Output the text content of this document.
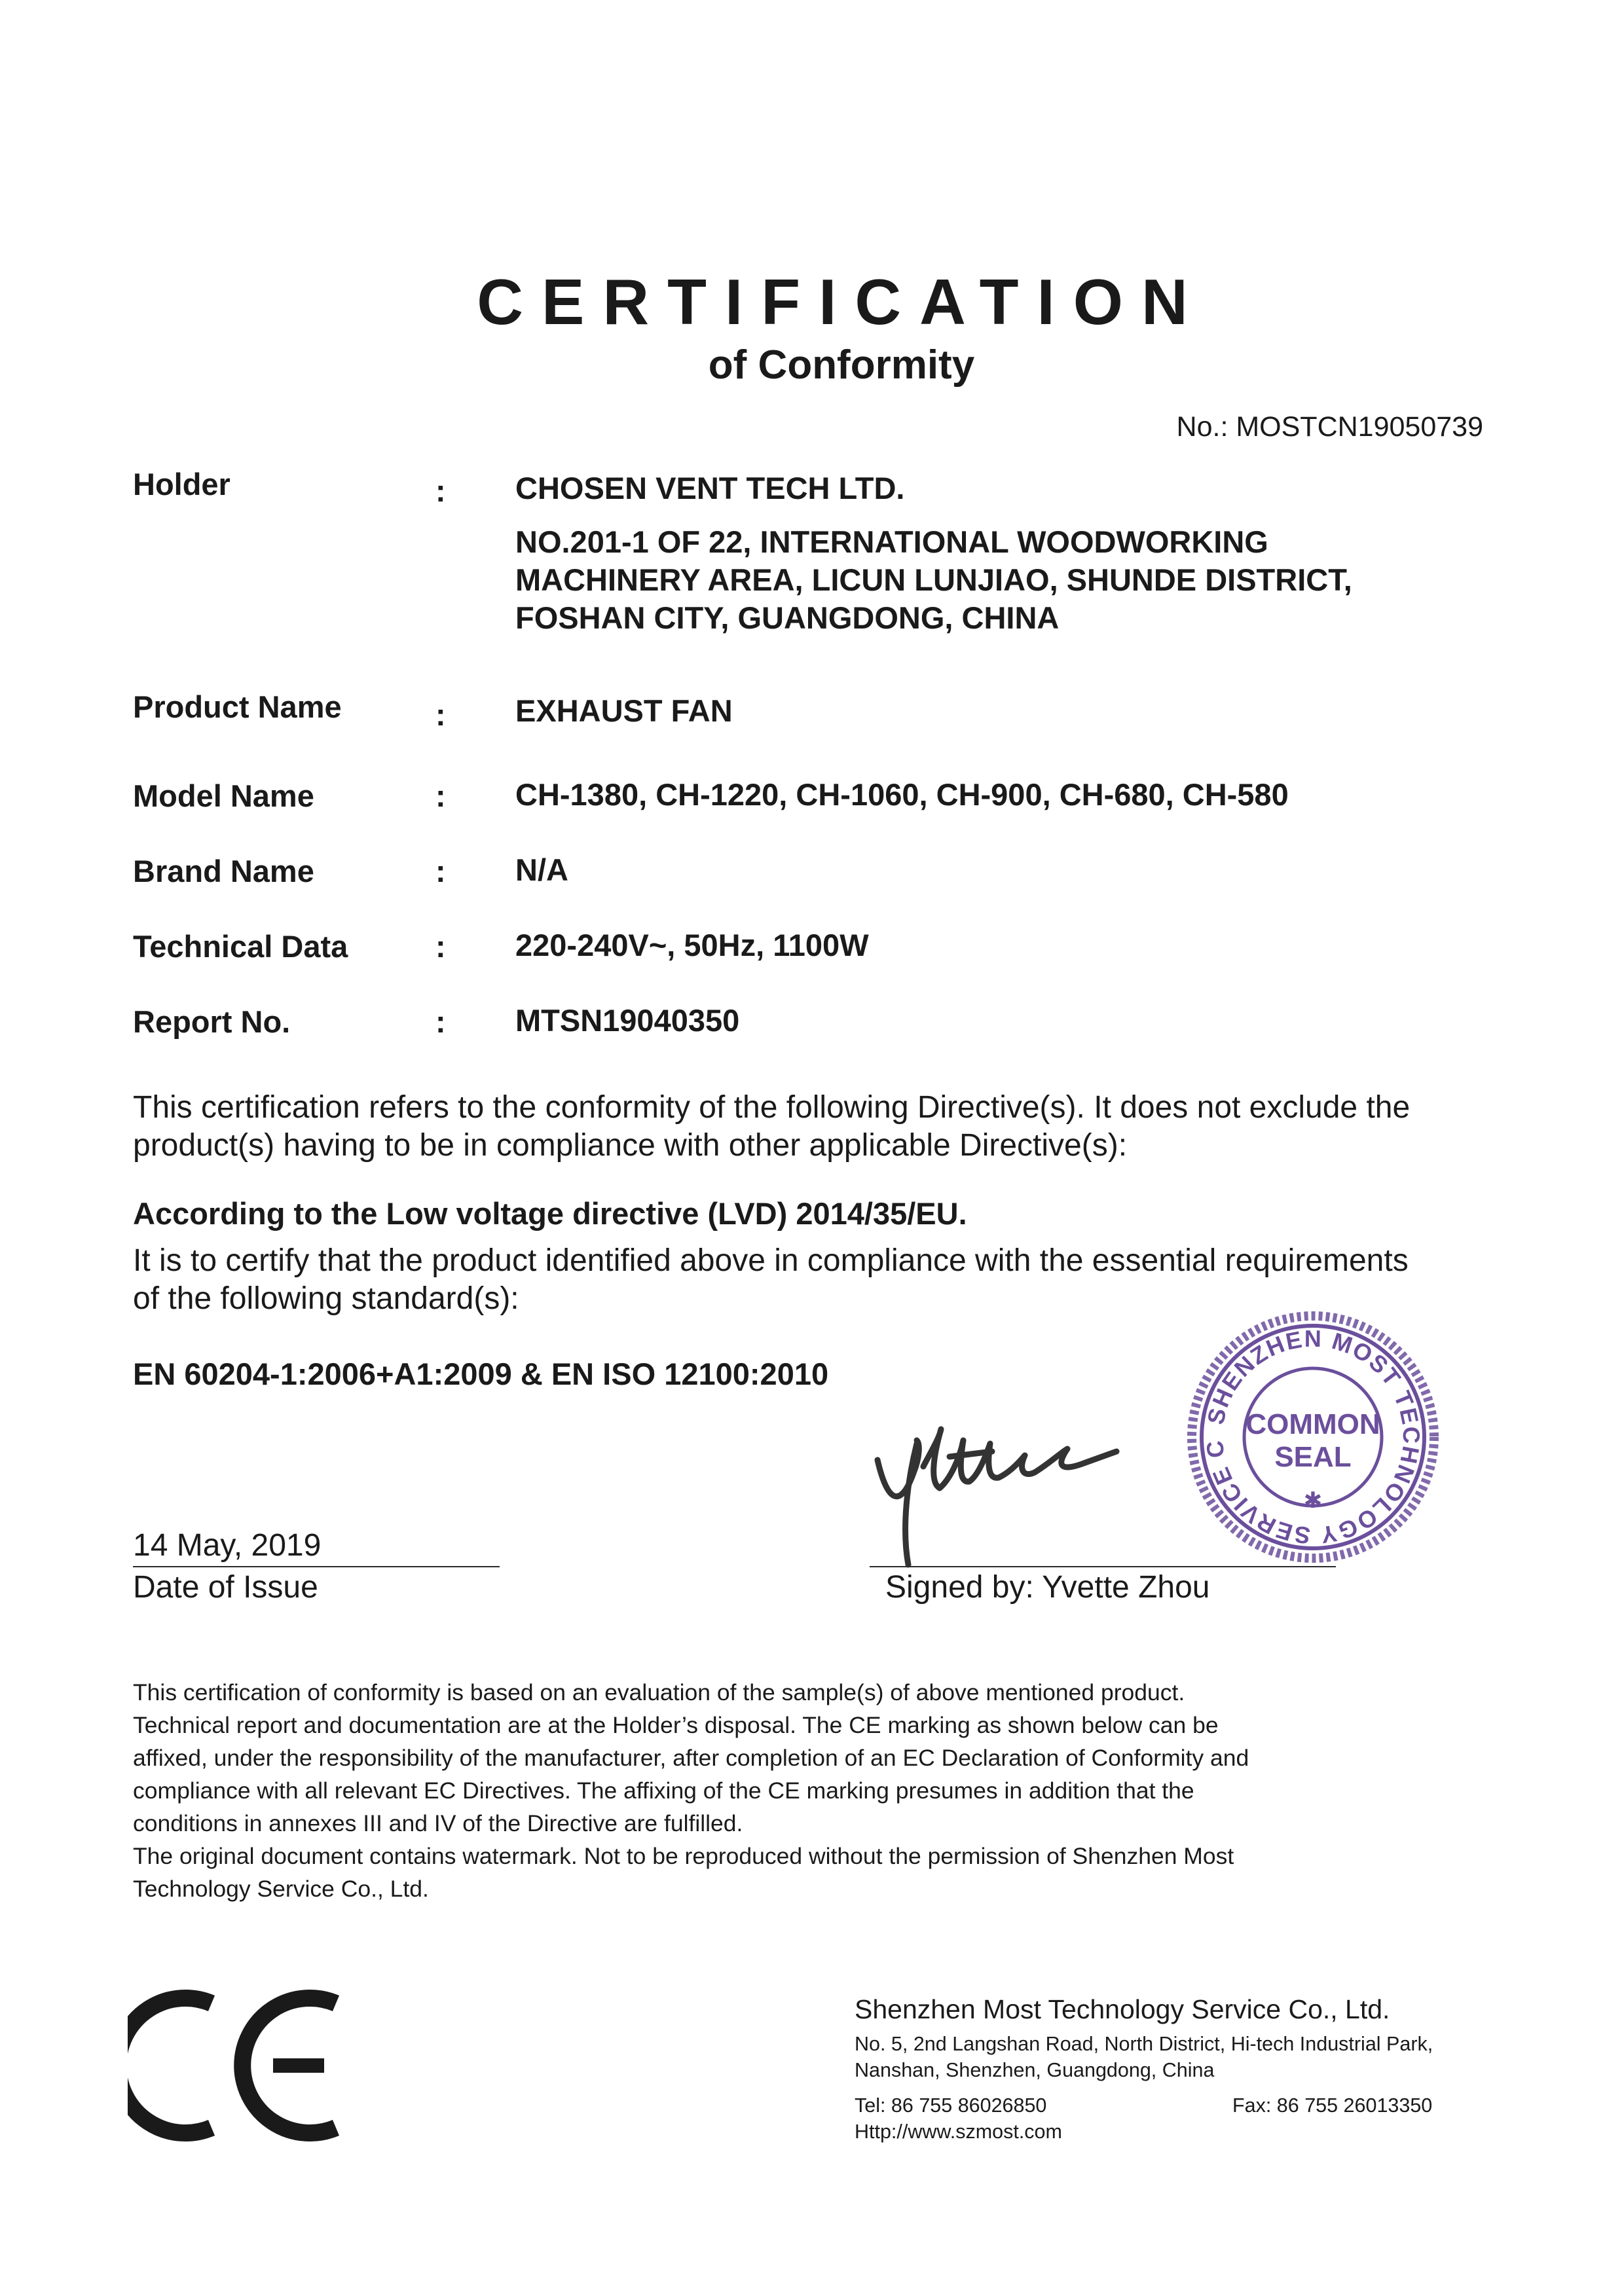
CERTIFICATION
of Conformity
No.: MOSTCN19050739
Holder	: CHOSEN VENT TECH LTD.
NO.201-1 OF 22, INTERNATIONAL WOODWORKING
MACHINERY AREA, LICUN LUNJIAO, SHUNDE DISTRICT,
FOSHAN CITY, GUANGDONG, CHINA
Product Name	: EXHAUST FAN
Model Name	: CH-1380, CH-1220, CH-1060, CH-900, CH-680, CH-580
Brand Name	: N/A
Technical Data	: 220-240V~, 50Hz, 1100W
Report No.	: MTSN19040350
This certification refers to the conformity of the following Directive(s). It does not exclude the
product(s) having to be in compliance with other applicable Directive(s):
According to the Low voltage directive (LVD) 2014/35/EU.
It is to certify that the product identified above in compliance with the essential requirements
of the following standard(s):
EN 60204-1:2006+A1:2009 & EN ISO 12100:2010
SHENZHEN MOST TECHNOLOGY SERVICE C
COMMON
SEAL
✱
14 May, 2019
Date of Issue	Signed by: Yvette Zhou
This certification of conformity is based on an evaluation of the sample(s) of above mentioned product.
Technical report and documentation are at the Holder’s disposal. The CE marking as shown below can be
affixed, under the responsibility of the manufacturer, after completion of an EC Declaration of Conformity and
compliance with all relevant EC Directives. The affixing of the CE marking presumes in addition that the
conditions in annexes III and IV of the Directive are fulfilled.
The original document contains watermark. Not to be reproduced without the permission of Shenzhen Most
Technology Service Co., Ltd.
Shenzhen Most Technology Service Co., Ltd.
No. 5, 2nd Langshan Road, North District, Hi-tech Industrial Park,
Nanshan, Shenzhen, Guangdong, China
Tel: 86 755 86026850	Fax: 86 755 26013350
Http://www.szmost.com
